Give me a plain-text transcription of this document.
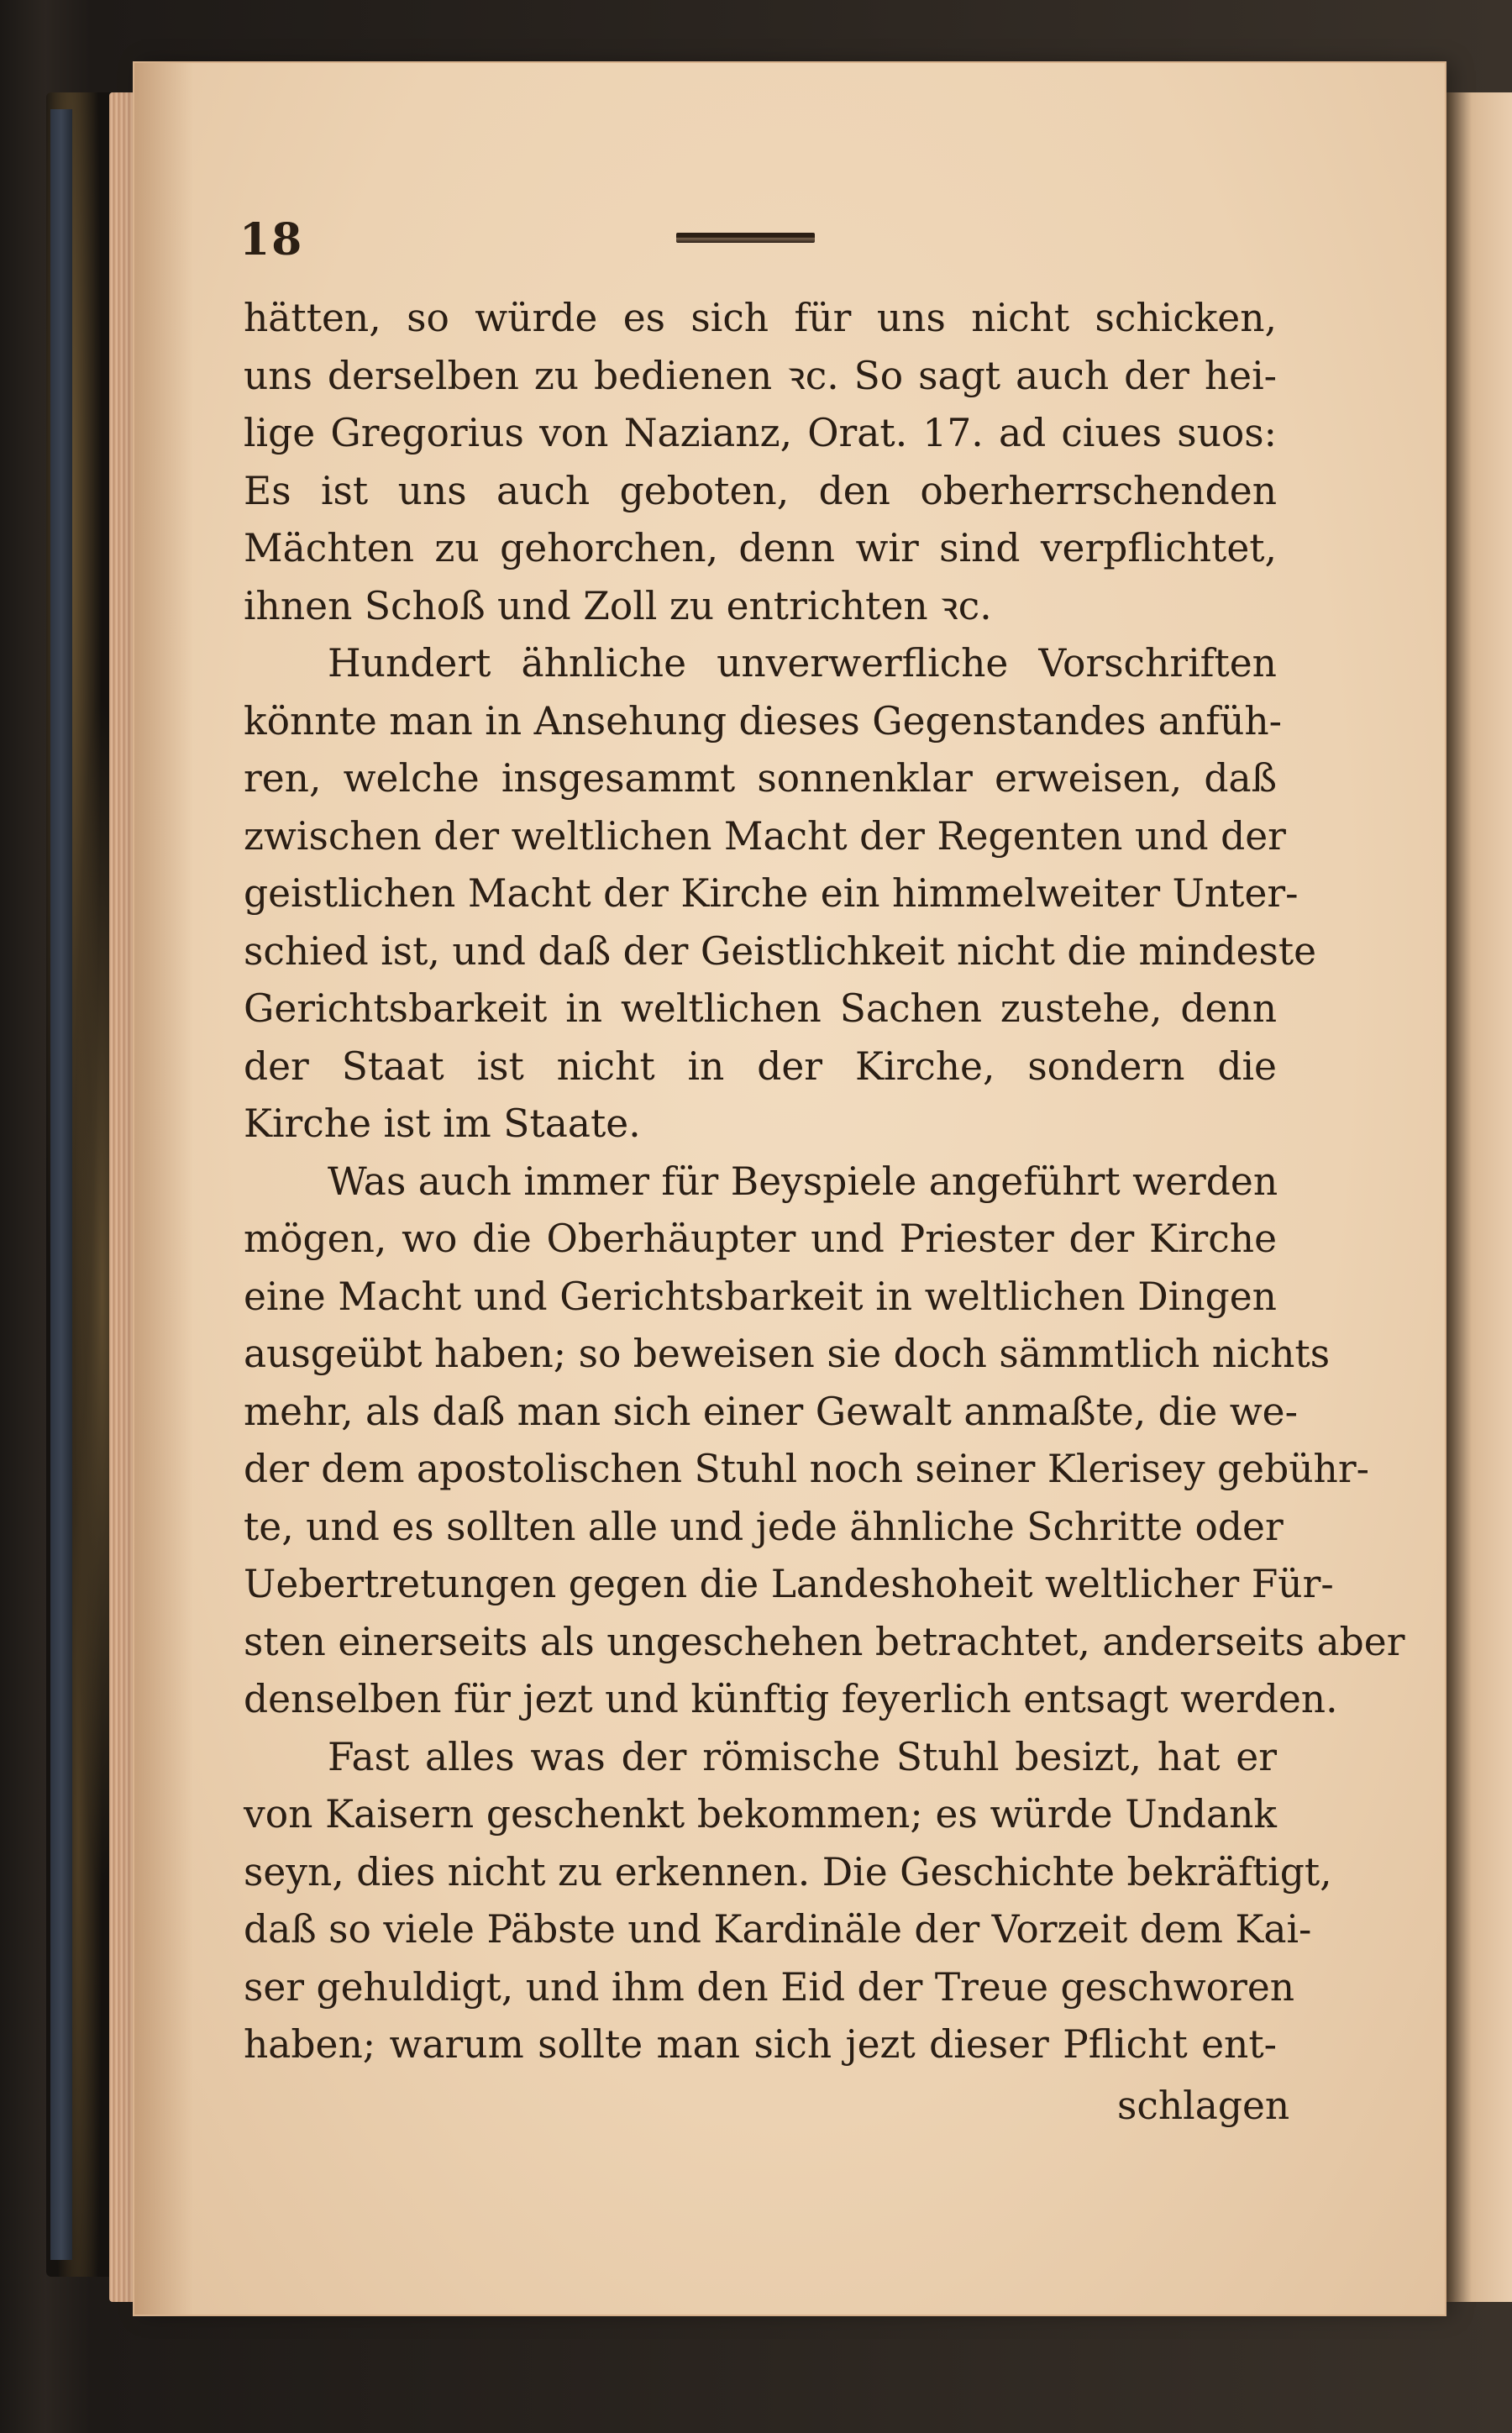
18
hätten, so würde es sich für uns nicht schicken,
uns derselben zu bedienen ꝛc. So sagt auch der hei-
lige Gregorius von Nazianz, Orat. 17. ad ciues suos:
Es ist uns auch geboten, den oberherrschenden
Mächten zu gehorchen, denn wir sind verpflichtet,
ihnen Schoß und Zoll zu entrichten ꝛc.
Hundert ähnliche unverwerfliche Vorschriften
könnte man in Ansehung dieses Gegenstandes anfüh-
ren, welche insgesammt sonnenklar erweisen, daß
zwischen der weltlichen Macht der Regenten und der
geistlichen Macht der Kirche ein himmelweiter Unter-
schied ist, und daß der Geistlichkeit nicht die mindeste
Gerichtsbarkeit in weltlichen Sachen zustehe, denn
der Staat ist nicht in der Kirche, sondern die
Kirche ist im Staate.
Was auch immer für Beyspiele angeführt werden
mögen, wo die Oberhäupter und Priester der Kirche
eine Macht und Gerichtsbarkeit in weltlichen Dingen
ausgeübt haben; so beweisen sie doch sämmtlich nichts
mehr, als daß man sich einer Gewalt anmaßte, die we-
der dem apostolischen Stuhl noch seiner Klerisey gebühr-
te, und es sollten alle und jede ähnliche Schritte oder
Uebertretungen gegen die Landeshoheit weltlicher Für-
sten einerseits als ungeschehen betrachtet, anderseits aber
denselben für jezt und künftig feyerlich entsagt werden.
Fast alles was der römische Stuhl besizt, hat er
von Kaisern geschenkt bekommen; es würde Undank
seyn, dies nicht zu erkennen. Die Geschichte bekräftigt,
daß so viele Päbste und Kardinäle der Vorzeit dem Kai-
ser gehuldigt, und ihm den Eid der Treue geschworen
haben; warum sollte man sich jezt dieser Pflicht ent-
schlagen
